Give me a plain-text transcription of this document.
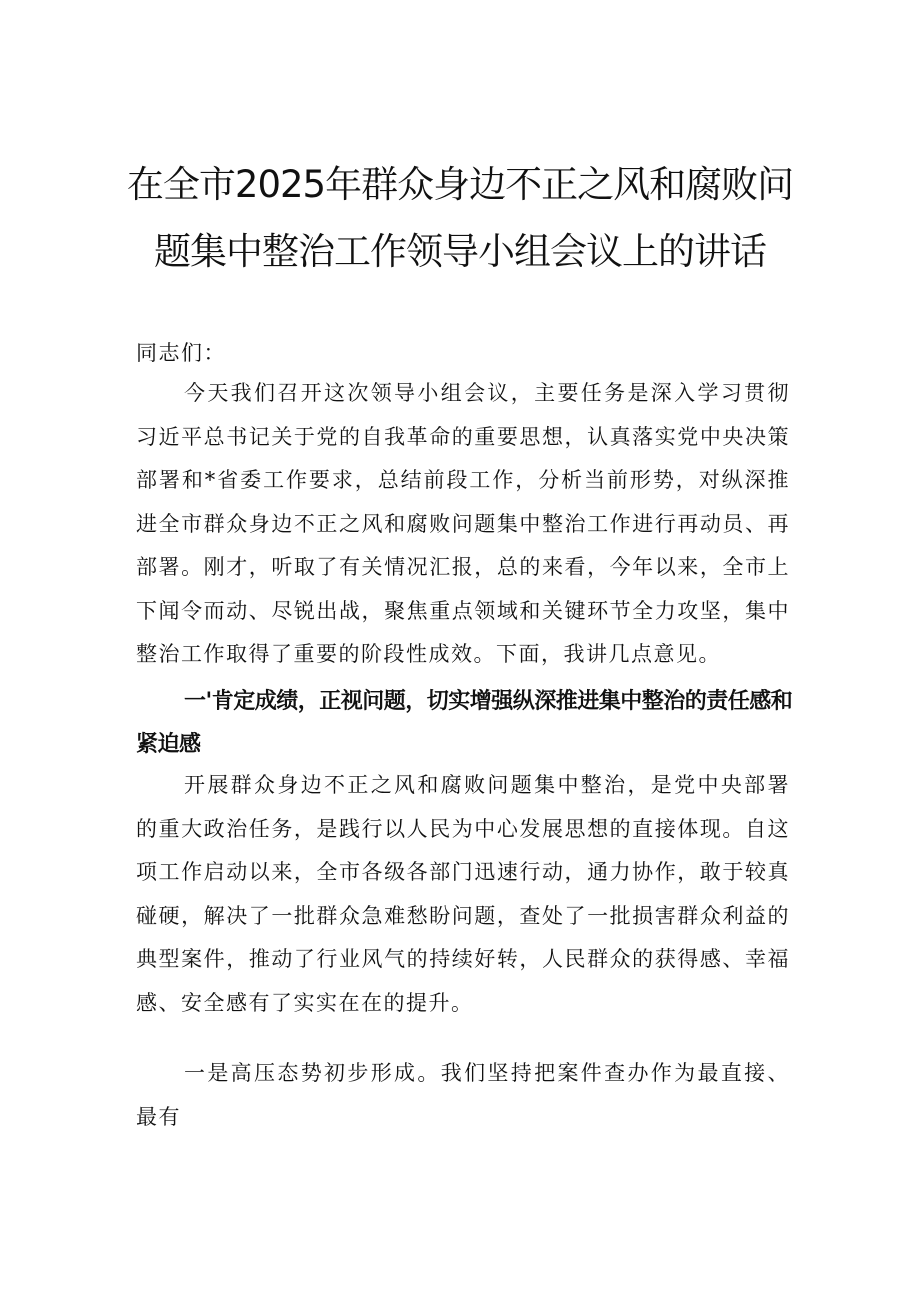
在全市2025年群众身边不正之风和腐败问
题集中整治工作领导小组会议上的讲话

同志们：

今天我们召开这次领导小组会议，主要任务是深入学习贯彻习近平总书记关于党的自我革命的重要思想，认真落实党中央决策部署和*省委工作要求，总结前段工作，分析当前形势，对纵深推进全市群众身边不正之风和腐败问题集中整治工作进行再动员、再部署。刚才，听取了有关情况汇报，总的来看，今年以来，全市上下闻令而动、尽锐出战，聚焦重点领域和关键环节全力攻坚，集中整治工作取得了重要的阶段性成效。下面，我讲几点意见。

一'肯定成绩，正视问题，切实增强纵深推进集中整治的责任感和紧迫感

开展群众身边不正之风和腐败问题集中整治，是党中央部署的重大政治任务，是践行以人民为中心发展思想的直接体现。自这项工作启动以来，全市各级各部门迅速行动，通力协作，敢于较真碰硬，解决了一批群众急难愁盼问题，查处了一批损害群众利益的典型案件，推动了行业风气的持续好转，人民群众的获得感、幸福感、安全感有了实实在在的提升。

一是高压态势初步形成。我们坚持把案件查办作为最直接、最有
